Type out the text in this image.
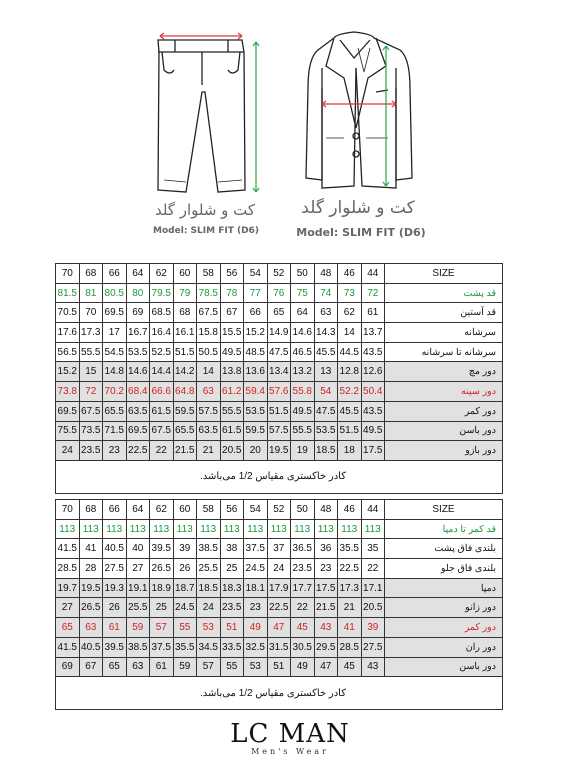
کت و شلوار گلد
Model: SLIM FIT (D6)
کت و شلوار گلد
Model: SLIM FIT (D6)
70	68	66	64	62	60	58	56	54	52	50	48	46	44	SIZE
81.5	81	80.5	80	79.5	79	78.5	78	77	76	75	74	73	72	قد پشت
70.5	70	69.5	69	68.5	68	67.5	67	66	65	64	63	62	61	قد آستین
17.6	17.3	17	16.7	16.4	16.1	15.8	15.5	15.2	14.9	14.6	14.3	14	13.7	سرشانه
56.5	55.5	54.5	53.5	52.5	51.5	50.5	49.5	48.5	47.5	46.5	45.5	44.5	43.5	سرشانه تا سرشانه
15.2	15	14.8	14.6	14.4	14.2	14	13.8	13.6	13.4	13.2	13	12.8	12.6	دور مچ
73.8	72	70.2	68.4	66.6	64.8	63	61.2	59.4	57.6	55.8	54	52.2	50.4	دور سینه
69.5	67.5	65.5	63.5	61.5	59.5	57.5	55.5	53.5	51.5	49.5	47.5	45.5	43.5	دور کمر
75.5	73.5	71.5	69.5	67.5	65.5	63.5	61.5	59.5	57.5	55.5	53.5	51.5	49.5	دور باسن
24	23.5	23	22.5	22	21.5	21	20.5	20	19.5	19	18.5	18	17.5	دور بازو
کادر خاکستری مقیاس 1/2 می‌باشد.														
70	68	66	64	62	60	58	56	54	52	50	48	46	44	SIZE
113	113	113	113	113	113	113	113	113	113	113	113	113	113	قد کمر تا دمپا
41.5	41	40.5	40	39.5	39	38.5	38	37.5	37	36.5	36	35.5	35	بلندی فاق پشت
28.5	28	27.5	27	26.5	26	25.5	25	24.5	24	23.5	23	22.5	22	بلندی فاق جلو
19.7	19.5	19.3	19.1	18.9	18.7	18.5	18.3	18.1	17.9	17.7	17.5	17.3	17.1	دمپا
27	26.5	26	25.5	25	24.5	24	23.5	23	22.5	22	21.5	21	20.5	دور زانو
65	63	61	59	57	55	53	51	49	47	45	43	41	39	دور کمر
41.5	40.5	39.5	38.5	37.5	35.5	34.5	33.5	32.5	31.5	30.5	29.5	28.5	27.5	دور ران
69	67	65	63	61	59	57	55	53	51	49	47	45	43	دور باسن
کادر خاکستری مقیاس 1/2 می‌باشد.														
LC MAN
Men's Wear
